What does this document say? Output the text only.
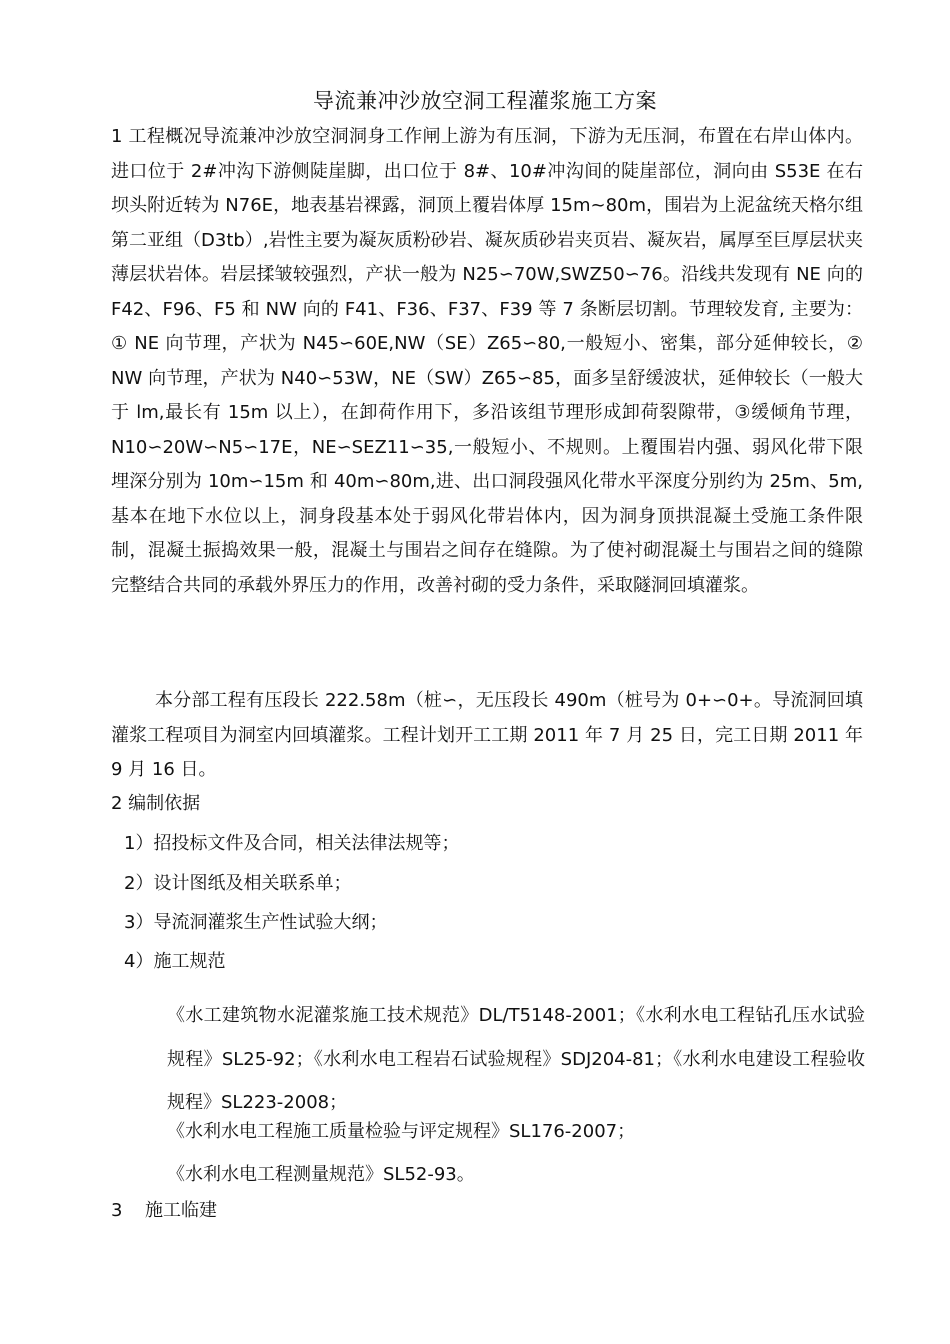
导流兼冲沙放空洞工程灌浆施工方案

1 工程概况导流兼冲沙放空洞洞身工作闸上游为有压洞，下游为无压洞，布置在右岸山体内。进口位于 2#冲沟下游侧陡崖脚，出口位于 8#、10#冲沟间的陡崖部位，洞向由 S53E 在右坝头附近转为 N76E，地表基岩裸露，洞顶上覆岩体厚 15m~80m，围岩为上泥盆统天格尔组第二亚组（D3tb）,岩性主要为凝灰质粉砂岩、凝灰质砂岩夹页岩、凝灰岩，属厚至巨厚层状夹薄层状岩体。岩层揉皱较强烈，产状一般为 N25∽70W,SWZ50∽76。沿线共发现有 NE 向的 F42、F96、F5 和 NW 向的 F41、F36、F37、F39 等 7 条断层切割。节理较发育, 主要为：① NE 向节理，产状为 N45∽60E,NW（SE）Z65∽80,一般短小、密集，部分延伸较长，② NW 向节理，产状为 N40∽53W，NE（SW）Z65∽85，面多呈舒缓波状，延伸较长（一般大于 lm,最长有 15m 以上），在卸荷作用下，多沿该组节理形成卸荷裂隙带，③缓倾角节理，N10∽20W∽N5∽17E，NE∽SEZ11∽35,一般短小、不规则。上覆围岩内强、弱风化带下限埋深分别为 10m∽15m 和 40m∽80m,进、出口洞段强风化带水平深度分别约为 25m、5m,基本在地下水位以上，洞身段基本处于弱风化带岩体内，因为洞身顶拱混凝土受施工条件限制，混凝土振捣效果一般，混凝土与围岩之间存在缝隙。为了使衬砌混凝土与围岩之间的缝隙完整结合共同的承载外界压力的作用，改善衬砌的受力条件，采取隧洞回填灌浆。

本分部工程有压段长 222.58m（桩∽，无压段长 490m（桩号为 0+∽0+。导流洞回填灌浆工程项目为洞室内回填灌浆。工程计划开工工期 2011 年 7 月 25 日，完工日期 2011 年 9 月 16 日。

2 编制依据

1）招投标文件及合同，相关法律法规等；

2）设计图纸及相关联系单；

3）导流洞灌浆生产性试验大纲；

4）施工规范

《水工建筑物水泥灌浆施工技术规范》DL/T5148-2001；《水利水电工程钻孔压水试验规程》SL25-92；《水利水电工程岩石试验规程》SDJ204-81；《水利水电建设工程验收规程》SL223-2008；

《水利水电工程施工质量检验与评定规程》SL176-2007；

《水利水电工程测量规范》SL52-93。

3 施工临建
